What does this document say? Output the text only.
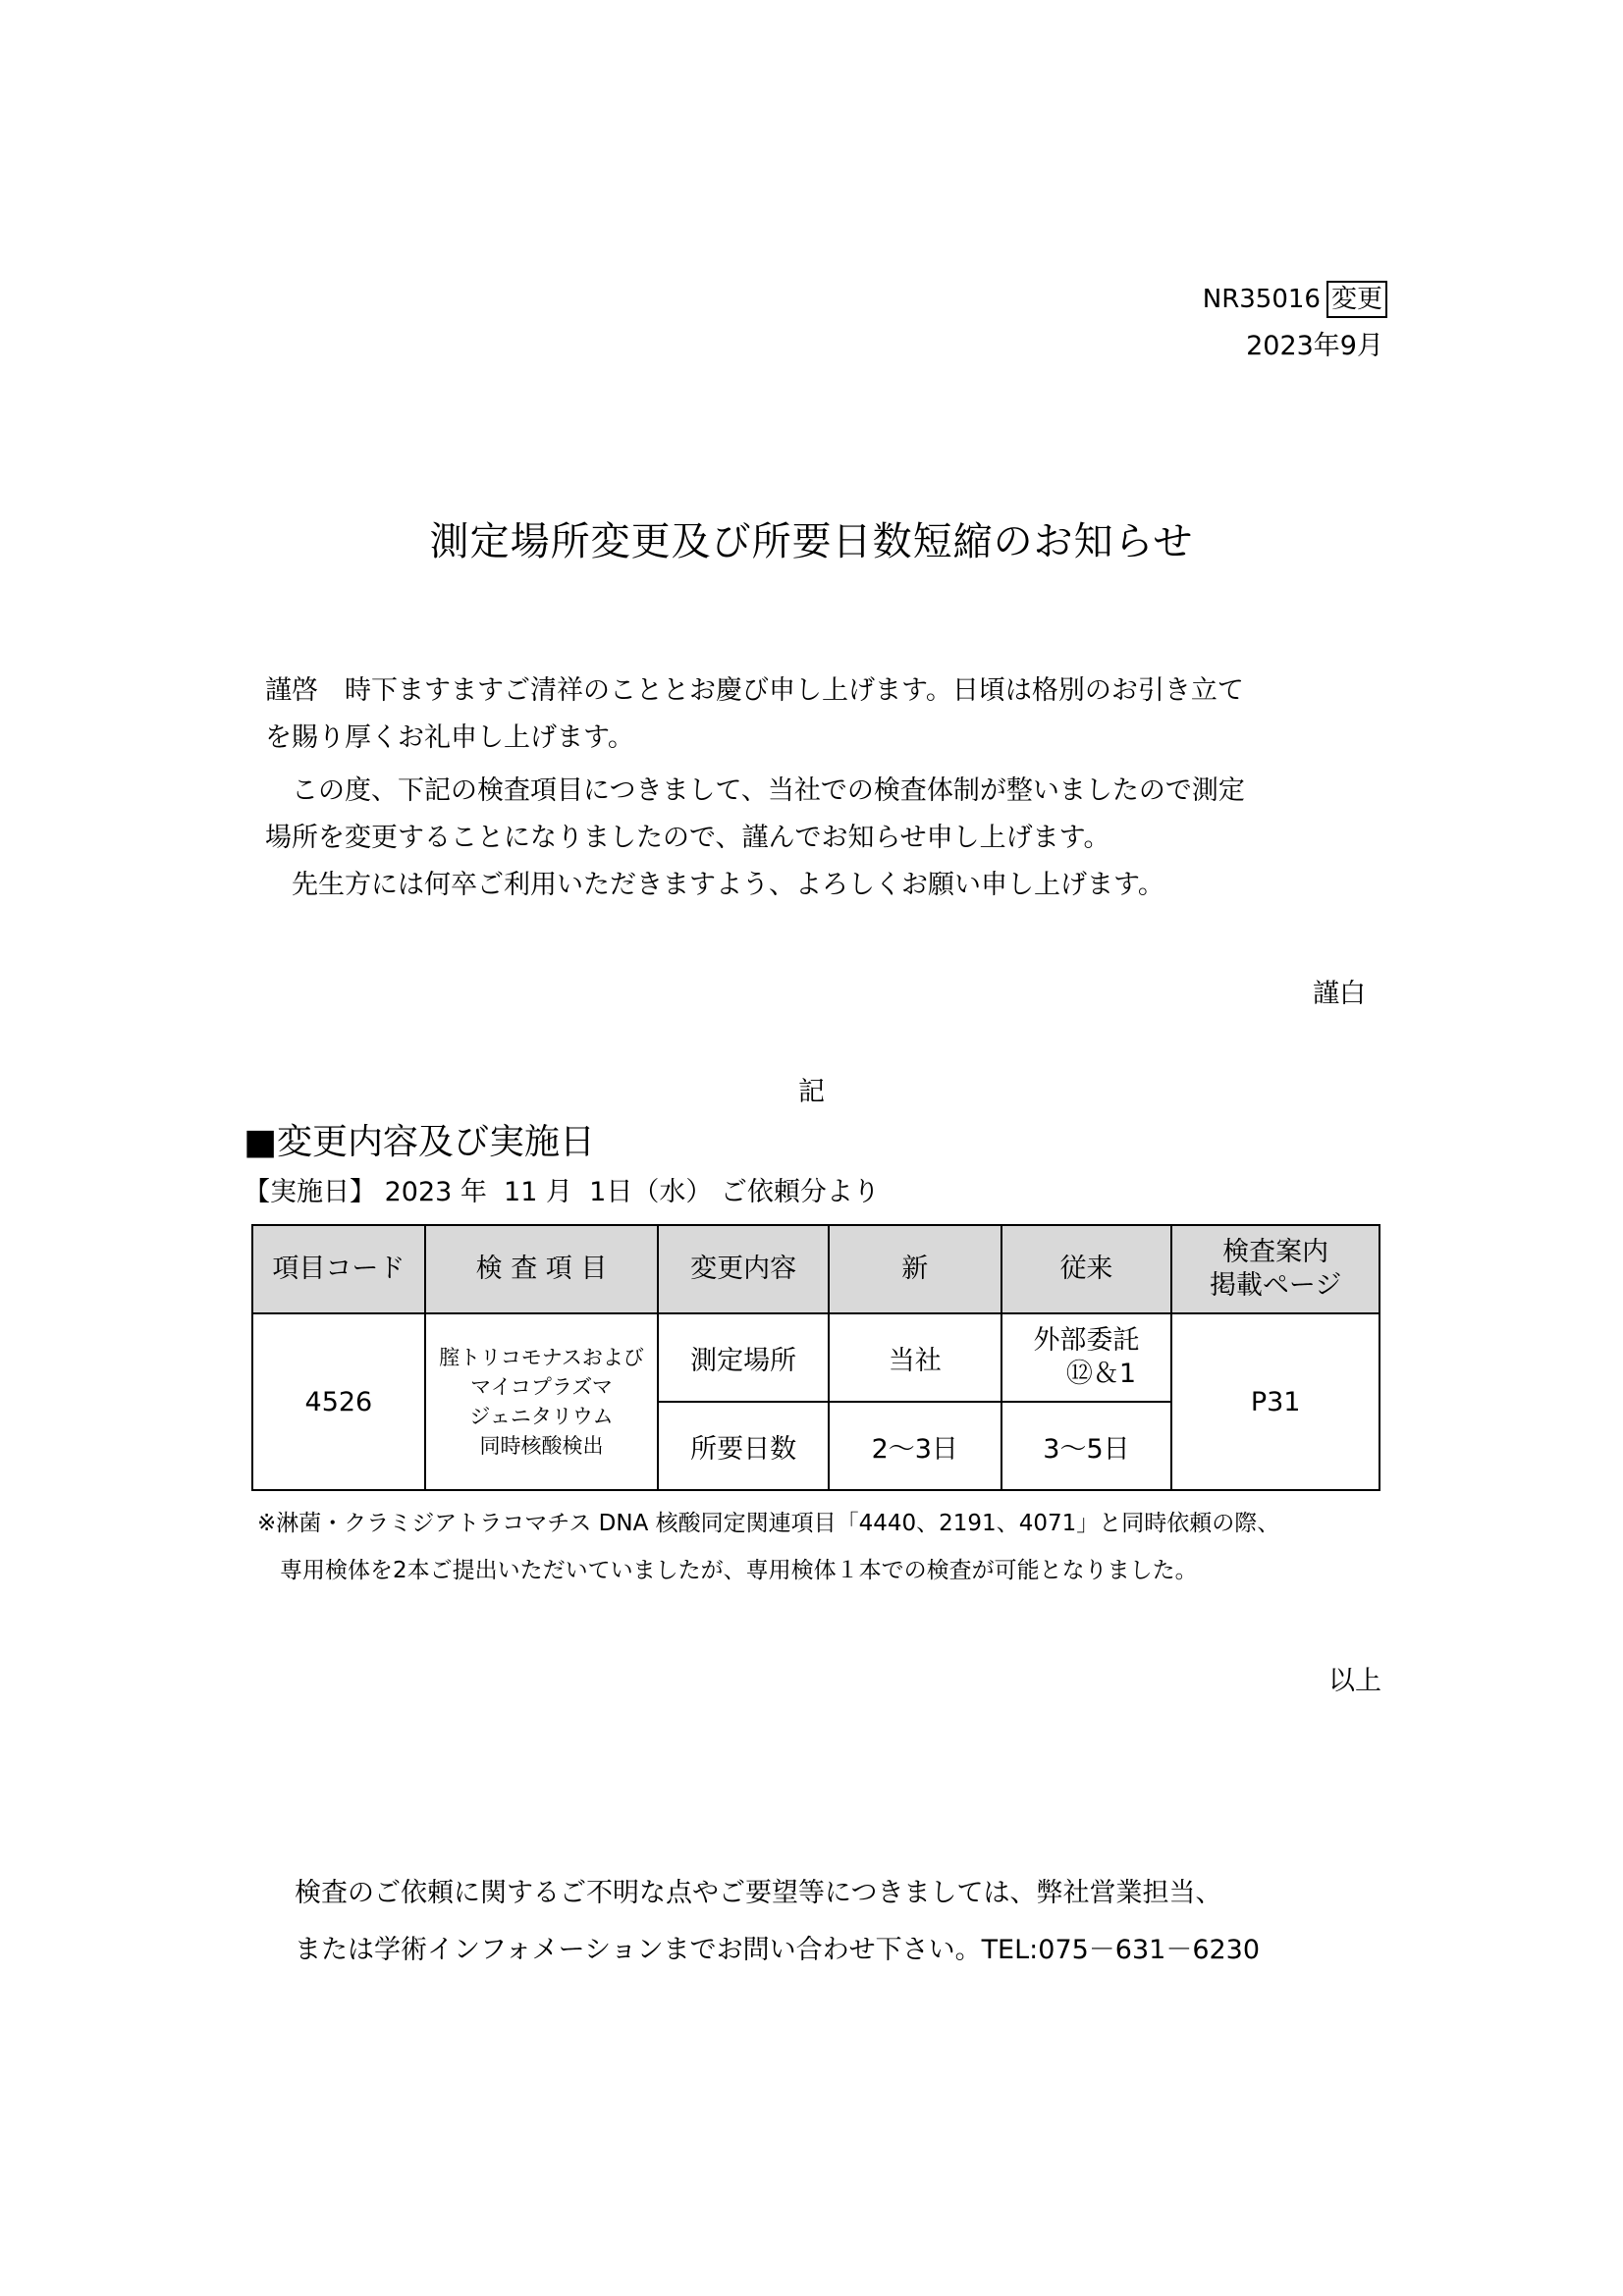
NR35016 変更
2023年9月
測定場所変更及び所要日数短縮のお知らせ

謹啓　時下ますますご清祥のこととお慶び申し上げます。日頃は格別のお引き立て

を賜り厚くお礼申し上げます。

　この度、下記の検査項目につきまして、当社での検査体制が整いましたので測定

場所を変更することになりましたので、謹んでお知らせ申し上げます。

　先生方には何卒ご利用いただきますよう、よろしくお願い申し上げます。

謹白
記
■変更内容及び実施日
【実施日】 2023 年  11 月  1日（水） ご依頼分より
項目コード	検 査 項 目	変更内容	新	従来	検査案内
掲載ページ
4526	腟トリコモナスおよび
マイコプラズマ
ジェニタリウム
同時核酸検出	測定場所	当社	外部委託
⑫＆1	P31
		所要日数	2～3日	3～5日	

※淋菌・クラミジアトラコマチス DNA 核酸同定関連項目「4440、2191、4071」と同時依頼の際、

　専用検体を2本ご提出いただいていましたが、専用検体１本での検査が可能となりました。

以上

検査のご依頼に関するご不明な点やご要望等につきましては、弊社営業担当、

または学術インフォメーションまでお問い合わせ下さい。TEL:075－631－6230
